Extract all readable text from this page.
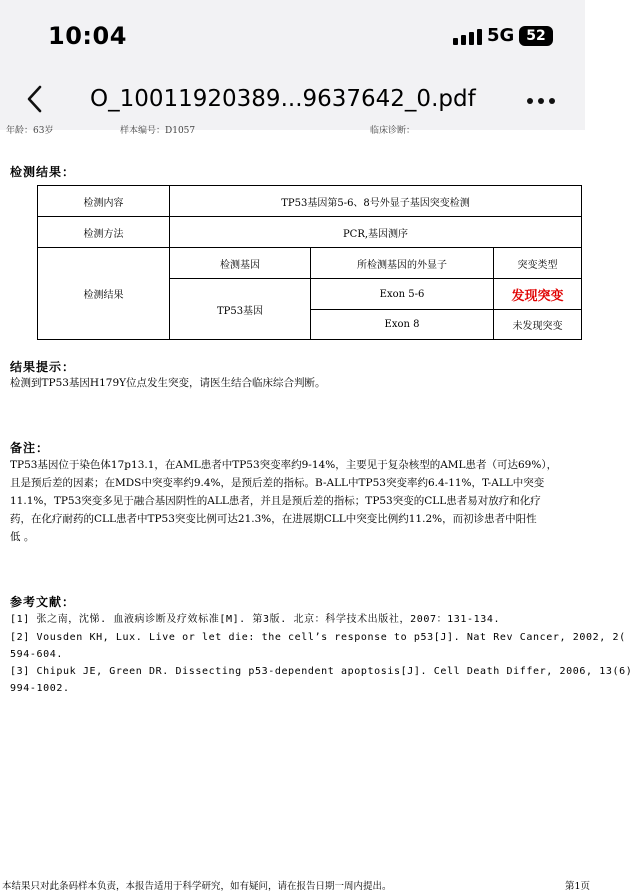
10:04	5G 52
O_10011920389...9637642_0.pdf
年龄：63岁	样本编号：D1057	临床诊断：
检测结果：
检测内容	TP53基因第5-6、8号外显子基因突变检测		
检测方法	PCR,基因测序		
检测结果	检测基因	所检测基因的外显子	突变类型
	TP53基因	Exon 5-6	发现突变
		Exon 8	未发现突变
结果提示：
检测到TP53基因H179Y位点发生突变，请医生结合临床综合判断。
备注：
TP53基因位于染色体17p13.1，在AML患者中TP53突变率约9-14%，主要见于复杂核型的AML患者（可达69%），
且是预后差的因素；在MDS中突变率约9.4%，是预后差的指标。B-ALL中TP53突变率约6.4-11%，T-ALL中突变
11.1%，TP53突变多见于融合基因阴性的ALL患者，并且是预后差的指标；TP53突变的CLL患者易对放疗和化疗
药，在化疗耐药的CLL患者中TP53突变比例可达21.3%，在进展期CLL中突变比例约11.2%，而初诊患者中阳性
低 。
参考文献：
[1] 张之南，沈悌. 血液病诊断及疗效标准[M]. 第3版. 北京：科学技术出版社，2007：131-134.
[2] Vousden KH, Lux. Live or let die: the cell’s response to p53[J]. Nat Rev Cancer, 2002, 2(
594-604.
[3] Chipuk JE, Green DR. Dissecting p53-dependent apoptosis[J]. Cell Death Differ, 2006, 13(6)
994-1002.
本结果只对此条码样本负责，本报告适用于科学研究，如有疑问，请在报告日期一周内提出。	第1页
